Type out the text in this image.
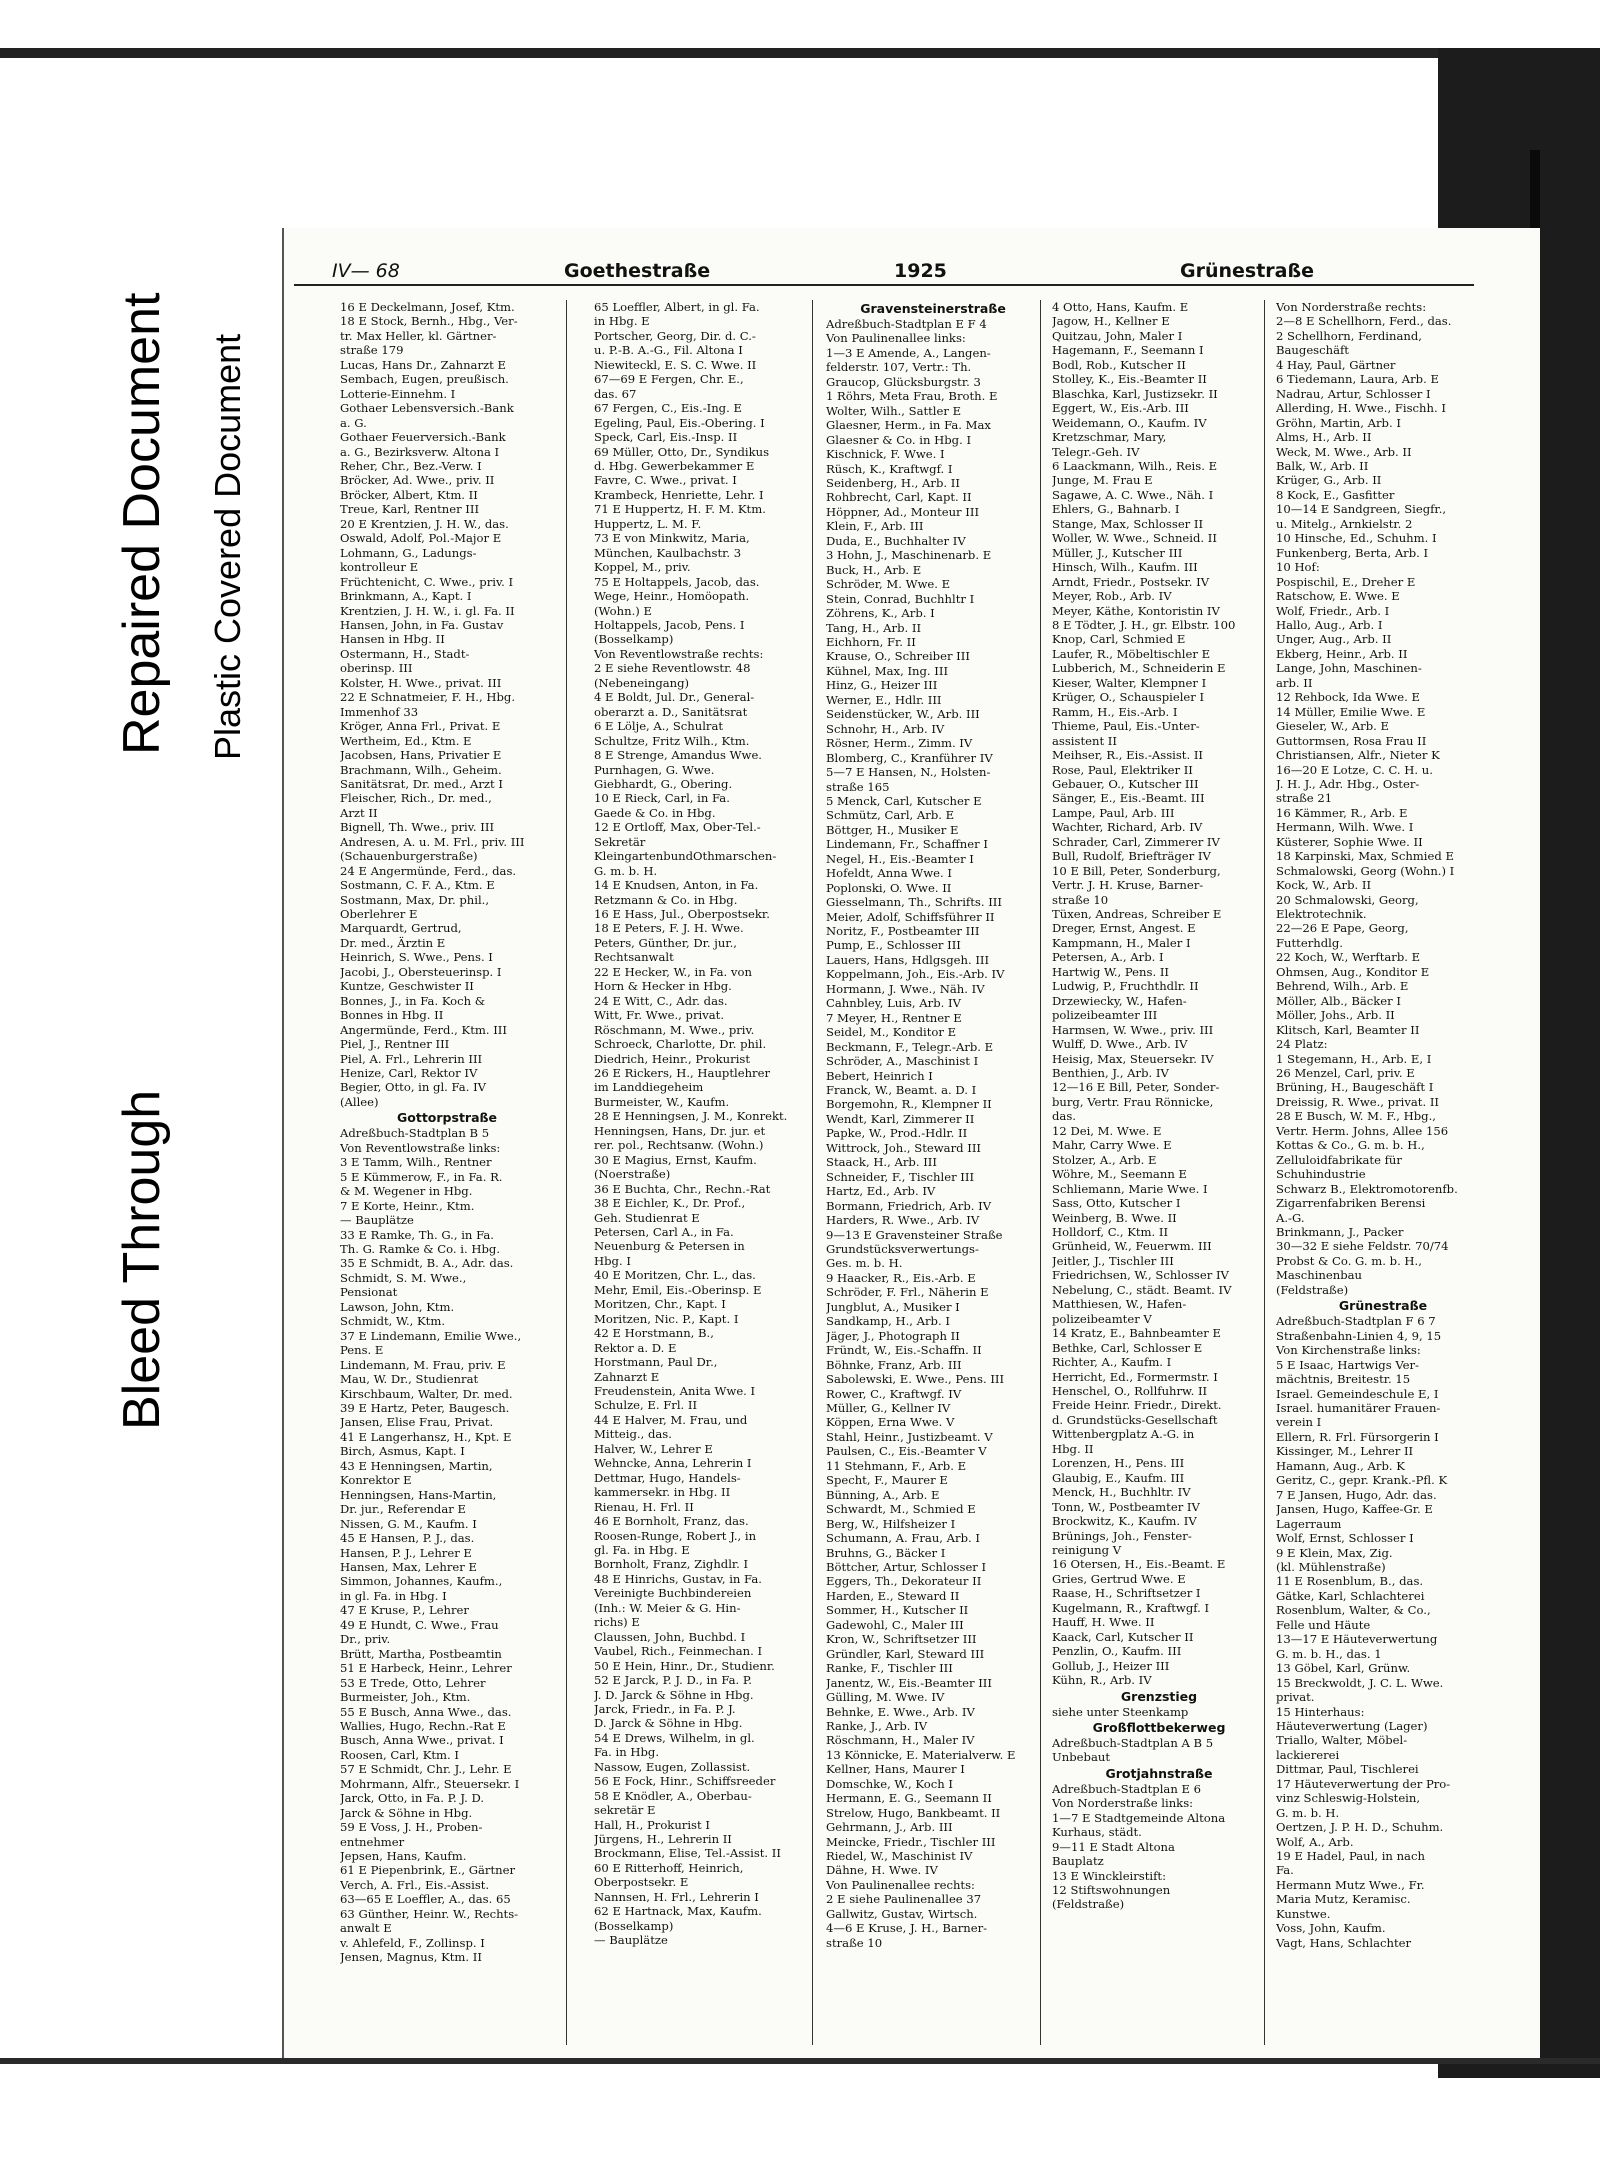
Bleed Through
Repaired Document Plastic Covered Document
IV— 68	Goethestraße	1925	Grünestraße
16 E Deckelmann, Josef, Ktm.
18 E Stock, Bernh., Hbg., Ver-
tr. Max Heller, kl. Gärtner-
straße 179
Lucas, Hans Dr., Zahnarzt E
Sembach, Eugen, preußisch.
Lotterie-Einnehm. I
Gothaer Lebensversich.-Bank
a. G.
Gothaer Feuerversich.-Bank
a. G., Bezirksverw. Altona I
Reher, Chr., Bez.-Verw. I
Bröcker, Ad. Wwe., priv. II
Bröcker, Albert, Ktm. II
Treue, Karl, Rentner III
20 E Krentzien, J. H. W., das.
Oswald, Adolf, Pol.-Major E
Lohmann, G., Ladungs-
kontrolleur E
Früchtenicht, C. Wwe., priv. I
Brinkmann, A., Kapt. I
Krentzien, J. H. W., i. gl. Fa. II
Hansen, John, in Fa. Gustav
Hansen in Hbg. II
Ostermann, H., Stadt-
oberinsp. III
Kolster, H. Wwe., privat. III
22 E Schnatmeier, F. H., Hbg.
Immenhof 33
Kröger, Anna Frl., Privat. E
Wertheim, Ed., Ktm. E
Jacobsen, Hans, Privatier E
Brachmann, Wilh., Geheim.
Sanitätsrat, Dr. med., Arzt I
Fleischer, Rich., Dr. med.,
Arzt II
Bignell, Th. Wwe., priv. III
Andresen, A. u. M. Frl., priv. III
(Schauenburgerstraße)
24 E Angermünde, Ferd., das.
Sostmann, C. F. A., Ktm. E
Sostmann, Max, Dr. phil.,
Oberlehrer E
Marquardt, Gertrud,
Dr. med., Ärztin E
Heinrich, S. Wwe., Pens. I
Jacobi, J., Obersteuerinsp. I
Kuntze, Geschwister II
Bonnes, J., in Fa. Koch &
Bonnes in Hbg. II
Angermünde, Ferd., Ktm. III
Piel, J., Rentner III
Piel, A. Frl., Lehrerin III
Henize, Carl, Rektor IV
Begier, Otto, in gl. Fa. IV
(Allee)
Gottorpstraße
Adreßbuch-Stadtplan B 5
Von Reventlowstraße links:
3 E Tamm, Wilh., Rentner
5 E Kümmerow, F., in Fa. R.
& M. Wegener in Hbg.
7 E Korte, Heinr., Ktm.
— Bauplätze
33 E Ramke, Th. G., in Fa.
Th. G. Ramke & Co. i. Hbg.
35 E Schmidt, B. A., Adr. das.
Schmidt, S. M. Wwe.,
Pensionat
Lawson, John, Ktm.
Schmidt, W., Ktm.
37 E Lindemann, Emilie Wwe.,
Pens. E
Lindemann, M. Frau, priv. E
Mau, W. Dr., Studienrat
Kirschbaum, Walter, Dr. med.
39 E Hartz, Peter, Baugesch.
Jansen, Elise Frau, Privat.
41 E Langerhansz, H., Kpt. E
Birch, Asmus, Kapt. I
43 E Henningsen, Martin,
Konrektor E
Henningsen, Hans-Martin,
Dr. jur., Referendar E
Nissen, G. M., Kaufm. I
45 E Hansen, P. J., das.
Hansen, P. J., Lehrer E
Hansen, Max, Lehrer E
Simmon, Johannes, Kaufm.,
in gl. Fa. in Hbg. I
47 E Kruse, P., Lehrer
49 E Hundt, C. Wwe., Frau
Dr., priv.
Brütt, Martha, Postbeamtin
51 E Harbeck, Heinr., Lehrer
53 E Trede, Otto, Lehrer
Burmeister, Joh., Ktm.
55 E Busch, Anna Wwe., das.
Wallies, Hugo, Rechn.-Rat E
Busch, Anna Wwe., privat. I
Roosen, Carl, Ktm. I
57 E Schmidt, Chr. J., Lehr. E
Mohrmann, Alfr., Steuersekr. I
Jarck, Otto, in Fa. P. J. D.
Jarck & Söhne in Hbg.
59 E Voss, J. H., Proben-
entnehmer
Jepsen, Hans, Kaufm.
61 E Piepenbrink, E., Gärtner
Verch, A. Frl., Eis.-Assist.
63—65 E Loeffler, A., das. 65
63 Günther, Heinr. W., Rechts-
anwalt E
v. Ahlefeld, F., Zollinsp. I
Jensen, Magnus, Ktm. II
65 Loeffler, Albert, in gl. Fa.
in Hbg. E
Portscher, Georg, Dir. d. C.-
u. P.-B. A.-G., Fil. Altona I
Niewiteckl, E. S. C. Wwe. II
67—69 E Fergen, Chr. E.,
das. 67
67 Fergen, C., Eis.-Ing. E
Egeling, Paul, Eis.-Obering. I
Speck, Carl, Eis.-Insp. II
69 Müller, Otto, Dr., Syndikus
d. Hbg. Gewerbekammer E
Favre, C. Wwe., privat. I
Krambeck, Henriette, Lehr. I
71 E Huppertz, H. F. M. Ktm.
Huppertz, L. M. F.
73 E von Minkwitz, Maria,
München, Kaulbachstr. 3
Koppel, M., priv.
75 E Holtappels, Jacob, das.
Wege, Heinr., Homöopath.
(Wohn.) E
Holtappels, Jacob, Pens. I
(Bosselkamp)
Von Reventlowstraße rechts:
2 E siehe Reventlowstr. 48
(Nebeneingang)
4 E Boldt, Jul. Dr., General-
oberarzt a. D., Sanitätsrat
6 E Lölje, A., Schulrat
Schultze, Fritz Wilh., Ktm.
8 E Strenge, Amandus Wwe.
Purnhagen, G. Wwe.
Giebhardt, G., Obering.
10 E Rieck, Carl, in Fa.
Gaede & Co. in Hbg.
12 E Ortloff, Max, Ober-Tel.-
Sekretär
KleingartenbundOthmarschen-
G. m. b. H.
14 E Knudsen, Anton, in Fa.
Retzmann & Co. in Hbg.
16 E Hass, Jul., Oberpostsekr.
18 E Peters, F. J. H. Wwe.
Peters, Günther, Dr. jur.,
Rechtsanwalt
22 E Hecker, W., in Fa. von
Horn & Hecker in Hbg.
24 E Witt, C., Adr. das.
Witt, Fr. Wwe., privat.
Röschmann, M. Wwe., priv.
Schroeck, Charlotte, Dr. phil.
Diedrich, Heinr., Prokurist
26 E Rickers, H., Hauptlehrer
im Landdiegeheim
Burmeister, W., Kaufm.
28 E Henningsen, J. M., Konrekt.
Henningsen, Hans, Dr. jur. et
rer. pol., Rechtsanw. (Wohn.)
30 E Magius, Ernst, Kaufm.
(Noerstraße)
36 E Buchta, Chr., Rechn.-Rat
38 E Eichler, K., Dr. Prof.,
Geh. Studienrat E
Petersen, Carl A., in Fa.
Neuenburg & Petersen in
Hbg. I
40 E Moritzen, Chr. L., das.
Mehr, Emil, Eis.-Oberinsp. E
Moritzen, Chr., Kapt. I
Moritzen, Nic. P., Kapt. I
42 E Horstmann, B.,
Rektor a. D. E
Horstmann, Paul Dr.,
Zahnarzt E
Freudenstein, Anita Wwe. I
Schulze, E. Frl. II
44 E Halver, M. Frau, und
Mitteig., das.
Halver, W., Lehrer E
Wehncke, Anna, Lehrerin I
Dettmar, Hugo, Handels-
kammersekr. in Hbg. II
Rienau, H. Frl. II
46 E Bornholt, Franz, das.
Roosen-Runge, Robert J., in
gl. Fa. in Hbg. E
Bornholt, Franz, Zighdlr. I
48 E Hinrichs, Gustav, in Fa.
Vereinigte Buchbindereien
(Inh.: W. Meier & G. Hin-
richs) E
Claussen, John, Buchbd. I
Vaubel, Rich., Feinmechan. I
50 E Hein, Hinr., Dr., Studienr.
52 E Jarck, P. J. D., in Fa. P.
J. D. Jarck & Söhne in Hbg.
Jarck, Friedr., in Fa. P. J.
D. Jarck & Söhne in Hbg.
54 E Drews, Wilhelm, in gl.
Fa. in Hbg.
Nassow, Eugen, Zollassist.
56 E Fock, Hinr., Schiffsreeder
58 E Knödler, A., Oberbau-
sekretär E
Hall, H., Prokurist I
Jürgens, H., Lehrerin II
Brockmann, Elise, Tel.-Assist. II
60 E Ritterhoff, Heinrich,
Oberpostsekr. E
Nannsen, H. Frl., Lehrerin I
62 E Hartnack, Max, Kaufm.
(Bosselkamp)
— Bauplätze
Gravensteinerstraße
Adreßbuch-Stadtplan E F 4
Von Paulinenallee links:
1—3 E Amende, A., Langen-
felderstr. 107, Vertr.: Th.
Graucop, Glücksburgstr. 3
1 Röhrs, Meta Frau, Broth. E
Wolter, Wilh., Sattler E
Glaesner, Herm., in Fa. Max
Glaesner & Co. in Hbg. I
Kischnick, F. Wwe. I
Rüsch, K., Kraftwgf. I
Seidenberg, H., Arb. II
Rohbrecht, Carl, Kapt. II
Höppner, Ad., Monteur III
Klein, F., Arb. III
Duda, E., Buchhalter IV
3 Hohn, J., Maschinenarb. E
Buck, H., Arb. E
Schröder, M. Wwe. E
Stein, Conrad, Buchhltr I
Zöhrens, K., Arb. I
Tang, H., Arb. II
Eichhorn, Fr. II
Krause, O., Schreiber III
Kühnel, Max, Ing. III
Hinz, G., Heizer III
Werner, E., Hdlr. III
Seidenstücker, W., Arb. III
Schnohr, H., Arb. IV
Rösner, Herm., Zimm. IV
Blomberg, C., Kranführer IV
5—7 E Hansen, N., Holsten-
straße 165
5 Menck, Carl, Kutscher E
Schmütz, Carl, Arb. E
Böttger, H., Musiker E
Lindemann, Fr., Schaffner I
Negel, H., Eis.-Beamter I
Hofeldt, Anna Wwe. I
Poplonski, O. Wwe. II
Giesselmann, Th., Schrifts. III
Meier, Adolf, Schiffsführer II
Noritz, F., Postbeamter III
Pump, E., Schlosser III
Lauers, Hans, Hdlgsgeh. III
Koppelmann, Joh., Eis.-Arb. IV
Hormann, J. Wwe., Näh. IV
Cahnbley, Luis, Arb. IV
7 Meyer, H., Rentner E
Seidel, M., Konditor E
Beckmann, F., Telegr.-Arb. E
Schröder, A., Maschinist I
Bebert, Heinrich I
Franck, W., Beamt. a. D. I
Borgemohn, R., Klempner II
Wendt, Karl, Zimmerer II
Papke, W., Prod.-Hdlr. II
Wittrock, Joh., Steward III
Staack, H., Arb. III
Schneider, F., Tischler III
Hartz, Ed., Arb. IV
Bormann, Friedrich, Arb. IV
Harders, R. Wwe., Arb. IV
9—13 E Gravensteiner Straße
Grundstücksverwertungs-
Ges. m. b. H.
9 Haacker, R., Eis.-Arb. E
Schröder, F. Frl., Näherin E
Jungblut, A., Musiker I
Sandkamp, H., Arb. I
Jäger, J., Photograph II
Fründt, W., Eis.-Schaffn. II
Böhnke, Franz, Arb. III
Sabolewski, E. Wwe., Pens. III
Rower, C., Kraftwgf. IV
Müller, G., Kellner IV
Köppen, Erna Wwe. V
Stahl, Heinr., Justizbeamt. V
Paulsen, C., Eis.-Beamter V
11 Stehmann, F., Arb. E
Specht, F., Maurer E
Bünning, A., Arb. E
Schwardt, M., Schmied E
Berg, W., Hilfsheizer I
Schumann, A. Frau, Arb. I
Bruhns, G., Bäcker I
Böttcher, Artur, Schlosser I
Eggers, Th., Dekorateur II
Harden, E., Steward II
Sommer, H., Kutscher II
Gadewohl, C., Maler III
Kron, W., Schriftsetzer III
Gründler, Karl, Steward III
Ranke, F., Tischler III
Janentz, W., Eis.-Beamter III
Gülling, M. Wwe. IV
Behnke, E. Wwe., Arb. IV
Ranke, J., Arb. IV
Röschmann, H., Maler IV
13 Könnicke, E. Materialverw. E
Kellner, Hans, Maurer I
Domschke, W., Koch I
Hermann, E. G., Seemann II
Strelow, Hugo, Bankbeamt. II
Gehrmann, J., Arb. III
Meincke, Friedr., Tischler III
Riedel, W., Maschinist IV
Dähne, H. Wwe. IV
Von Paulinenallee rechts:
2 E siehe Paulinenallee 37
Gallwitz, Gustav, Wirtsch.
4—6 E Kruse, J. H., Barner-
straße 10
4 Otto, Hans, Kaufm. E
Jagow, H., Kellner E
Quitzau, John, Maler I
Hagemann, F., Seemann I
Bodl, Rob., Kutscher II
Stolley, K., Eis.-Beamter II
Blaschka, Karl, Justizsekr. II
Eggert, W., Eis.-Arb. III
Weidemann, O., Kaufm. IV
Kretzschmar, Mary,
Telegr.-Geh. IV
6 Laackmann, Wilh., Reis. E
Junge, M. Frau E
Sagawe, A. C. Wwe., Näh. I
Ehlers, G., Bahnarb. I
Stange, Max, Schlosser II
Woller, W. Wwe., Schneid. II
Müller, J., Kutscher III
Hinsch, Wilh., Kaufm. III
Arndt, Friedr., Postsekr. IV
Meyer, Rob., Arb. IV
Meyer, Käthe, Kontoristin IV
8 E Tödter, J. H., gr. Elbstr. 100
Knop, Carl, Schmied E
Laufer, R., Möbeltischler E
Lubberich, M., Schneiderin E
Kieser, Walter, Klempner I
Krüger, O., Schauspieler I
Ramm, H., Eis.-Arb. I
Thieme, Paul, Eis.-Unter-
assistent II
Meihser, R., Eis.-Assist. II
Rose, Paul, Elektriker II
Gebauer, O., Kutscher III
Sänger, E., Eis.-Beamt. III
Lampe, Paul, Arb. III
Wachter, Richard, Arb. IV
Schrader, Carl, Zimmerer IV
Bull, Rudolf, Briefträger IV
10 E Bill, Peter, Sonderburg,
Vertr. J. H. Kruse, Barner-
straße 10
Tüxen, Andreas, Schreiber E
Dreger, Ernst, Angest. E
Kampmann, H., Maler I
Petersen, A., Arb. I
Hartwig W., Pens. II
Ludwig, P., Fruchthdlr. II
Drzewiecky, W., Hafen-
polizeibeamter III
Harmsen, W. Wwe., priv. III
Wulff, D. Wwe., Arb. IV
Heisig, Max, Steuersekr. IV
Benthien, J., Arb. IV
12—16 E Bill, Peter, Sonder-
burg, Vertr. Frau Rönnicke,
das.
12 Dei, M. Wwe. E
Mahr, Carry Wwe. E
Stolzer, A., Arb. E
Wöhre, M., Seemann E
Schliemann, Marie Wwe. I
Sass, Otto, Kutscher I
Weinberg, B. Wwe. II
Holldorf, C., Ktm. II
Grünheid, W., Feuerwm. III
Jeitler, J., Tischler III
Friedrichsen, W., Schlosser IV
Nebelung, C., städt. Beamt. IV
Matthiesen, W., Hafen-
polizeibeamter V
14 Kratz, E., Bahnbeamter E
Bethke, Carl, Schlosser E
Richter, A., Kaufm. I
Herricht, Ed., Formermstr. I
Henschel, O., Rollfuhrw. II
Freide Heinr. Friedr., Direkt.
d. Grundstücks-Gesellschaft
Wittenbergplatz A.-G. in
Hbg. II
Lorenzen, H., Pens. III
Glaubig, E., Kaufm. III
Menck, H., Buchhltr. IV
Tonn, W., Postbeamter IV
Brockwitz, K., Kaufm. IV
Brünings, Joh., Fenster-
reinigung V
16 Otersen, H., Eis.-Beamt. E
Gries, Gertrud Wwe. E
Raase, H., Schriftsetzer I
Kugelmann, R., Kraftwgf. I
Hauff, H. Wwe. II
Kaack, Carl, Kutscher II
Penzlin, O., Kaufm. III
Gollub, J., Heizer III
Kühn, R., Arb. IV
Grenzstieg
siehe unter Steenkamp
Großflottbekerweg
Adreßbuch-Stadtplan A B 5
Unbebaut
Grotjahnstraße
Adreßbuch-Stadtplan E 6
Von Norderstraße links:
1—7 E Stadtgemeinde Altona
Kurhaus, städt.
9—11 E Stadt Altona
Bauplatz
13 E Winckleirstift:
12 Stiftswohnungen
(Feldstraße)
Von Norderstraße rechts:
2—8 E Schellhorn, Ferd., das.
2 Schellhorn, Ferdinand,
Baugeschäft
4 Hay, Paul, Gärtner
6 Tiedemann, Laura, Arb. E
Nadrau, Artur, Schlosser I
Allerding, H. Wwe., Fischh. I
Gröhn, Martin, Arb. I
Alms, H., Arb. II
Weck, M. Wwe., Arb. II
Balk, W., Arb. II
Krüger, G., Arb. II
8 Kock, E., Gasfitter
10—14 E Sandgreen, Siegfr.,
u. Mitelg., Arnkielstr. 2
10 Hinsche, Ed., Schuhm. I
Funkenberg, Berta, Arb. I
10 Hof:
Pospischil, E., Dreher E
Ratschow, E. Wwe. E
Wolf, Friedr., Arb. I
Hallo, Aug., Arb. I
Unger, Aug., Arb. II
Ekberg, Heinr., Arb. II
Lange, John, Maschinen-
arb. II
12 Rehbock, Ida Wwe. E
14 Müller, Emilie Wwe. E
Gieseler, W., Arb. E
Guttormsen, Rosa Frau II
Christiansen, Alfr., Nieter K
16—20 E Lotze, C. C. H. u.
J. H. J., Adr. Hbg., Oster-
straße 21
16 Kämmer, R., Arb. E
Hermann, Wilh. Wwe. I
Küsterer, Sophie Wwe. II
18 Karpinski, Max, Schmied E
Schmalowski, Georg (Wohn.) I
Kock, W., Arb. II
20 Schmalowski, Georg,
Elektrotechnik.
22—26 E Pape, Georg,
Futterhdlg.
22 Koch, W., Werftarb. E
Ohmsen, Aug., Konditor E
Behrend, Wilh., Arb. E
Möller, Alb., Bäcker I
Möller, Johs., Arb. II
Klitsch, Karl, Beamter II
24 Platz:
1 Stegemann, H., Arb. E, I
26 Menzel, Carl, priv. E
Brüning, H., Baugeschäft I
Dreissig, R. Wwe., privat. II
28 E Busch, W. M. F., Hbg.,
Vertr. Herm. Johns, Allee 156
Kottas & Co., G. m. b. H.,
Zelluloidfabrikate für
Schuhindustrie
Schwarz B., Elektromotorenfb.
Zigarrenfabriken Berensi
A.-G.
Brinkmann, J., Packer
30—32 E siehe Feldstr. 70/74
Probst & Co. G. m. b. H.,
Maschinenbau
(Feldstraße)
Grünestraße
Adreßbuch-Stadtplan F 6 7
Straßenbahn-Linien 4, 9, 15
Von Kirchenstraße links:
5 E Isaac, Hartwigs Ver-
mächtnis, Breitestr. 15
Israel. Gemeindeschule E, I
Israel. humanitärer Frauen-
verein I
Ellern, R. Frl. Fürsorgerin I
Kissinger, M., Lehrer II
Hamann, Aug., Arb. K
Geritz, C., gepr. Krank.-Pfl. K
7 E Jansen, Hugo, Adr. das.
Jansen, Hugo, Kaffee-Gr. E
Lagerraum
Wolf, Ernst, Schlosser I
9 E Klein, Max, Zig.
(kl. Mühlenstraße)
11 E Rosenblum, B., das.
Gätke, Karl, Schlachterei
Rosenblum, Walter, & Co.,
Felle und Häute
13—17 E Häuteverwertung
G. m. b. H., das. 1
13 Göbel, Karl, Grünw.
15 Breckwoldt, J. C. L. Wwe.
privat.
15 Hinterhaus:
Häuteverwertung (Lager)
Triallo, Walter, Möbel-
lackiererei
Dittmar, Paul, Tischlerei
17 Häuteverwertung der Pro-
vinz Schleswig-Holstein,
G. m. b. H.
Oertzen, J. P. H. D., Schuhm.
Wolf, A., Arb.
19 E Hadel, Paul, in nach
Fa.
Hermann Mutz Wwe., Fr.
Maria Mutz, Keramisc.
Kunstwe.
Voss, John, Kaufm.
Vagt, Hans, Schlachter
